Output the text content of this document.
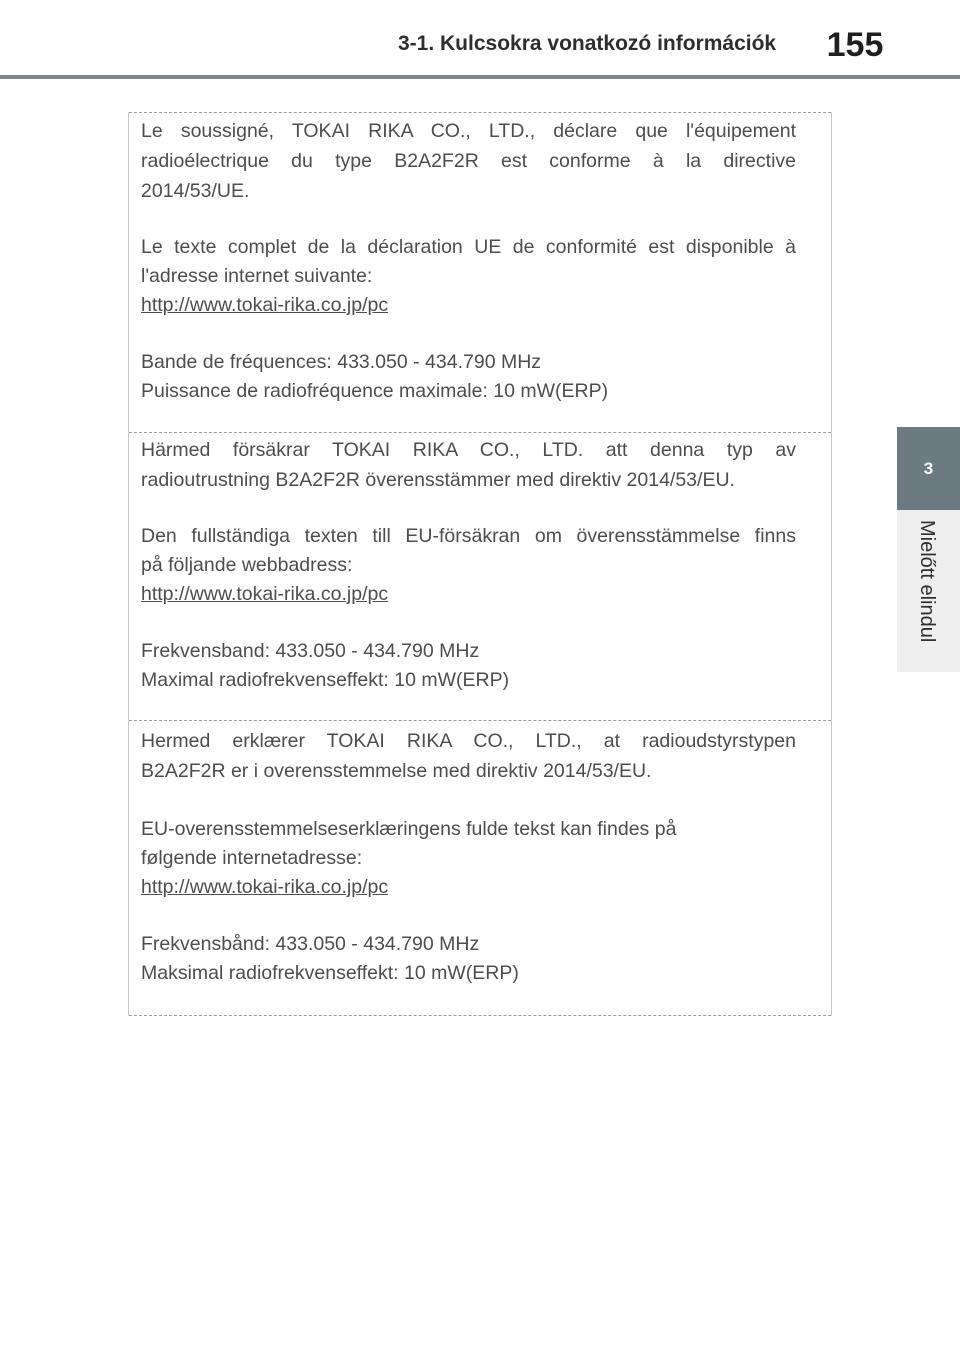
3-1. Kulcsokra vonatkozó információk	155
3
Mielőtt elindul
Le soussigné, TOKAI RIKA CO., LTD., déclare que l'équipement
radioélectrique du type B2A2F2R est conforme à la directive
2014/53/UE.
Le texte complet de la déclaration UE de conformité est disponible à
l'adresse internet suivante:
http://www.tokai-rika.co.jp/pc
Bande de fréquences: 433.050 - 434.790 MHz
Puissance de radiofréquence maximale: 10 mW(ERP)
Härmed försäkrar TOKAI RIKA CO., LTD. att denna typ av
radioutrustning B2A2F2R överensstämmer med direktiv 2014/53/EU.
Den fullständiga texten till EU-försäkran om överensstämmelse finns
på följande webbadress:
http://www.tokai-rika.co.jp/pc
Frekvensband: 433.050 - 434.790 MHz
Maximal radiofrekvenseffekt: 10 mW(ERP)
Hermed erklærer TOKAI RIKA CO., LTD., at radioudstyrstypen
B2A2F2R er i overensstemmelse med direktiv 2014/53/EU.
EU-overensstemmelseserklæringens fulde tekst kan findes på
følgende internetadresse:
http://www.tokai-rika.co.jp/pc
Frekvensbånd: 433.050 - 434.790 MHz
Maksimal radiofrekvenseffekt: 10 mW(ERP)
